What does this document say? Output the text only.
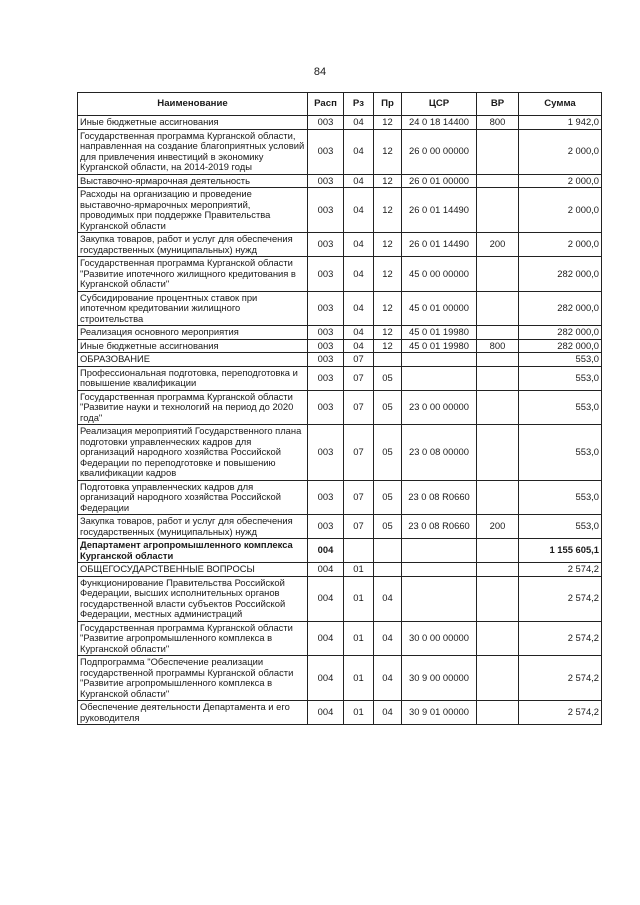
84
Наименование	Расп	Рз	Пр	ЦСР	ВР	Сумма
Иные бюджетные ассигнования	003	04	12	24 0 18 14400	800	1 942,0
Государственная программа Курганской области, направленная на создание благоприятных условий для привлечения инвестиций в экономику Курганской области, на 2014-2019 годы	003	04	12	26 0 00 00000		2 000,0
Выставочно-ярмарочная деятельность	003	04	12	26 0 01 00000		2 000,0
Расходы на организацию и проведение выставочно-ярмарочных мероприятий, проводимых при поддержке Правительства Курганской области	003	04	12	26 0 01 14490		2 000,0
Закупка товаров, работ и услуг для обеспечения государственных (муниципальных) нужд	003	04	12	26 0 01 14490	200	2 000,0
Государственная программа Курганской области "Развитие ипотечного жилищного кредитования в Курганской области"	003	04	12	45 0 00 00000		282 000,0
Субсидирование процентных ставок при ипотечном кредитовании жилищного строительства	003	04	12	45 0 01 00000		282 000,0
Реализация основного мероприятия	003	04	12	45 0 01 19980		282 000,0
Иные бюджетные ассигнования	003	04	12	45 0 01 19980	800	282 000,0
ОБРАЗОВАНИЕ	003	07				553,0
Профессиональная подготовка, переподготовка и повышение квалификации	003	07	05			553,0
Государственная программа Курганской области "Развитие науки и технологий на период до 2020 года"	003	07	05	23 0 00 00000		553,0
Реализация мероприятий Государственного плана подготовки управленческих кадров для организаций народного хозяйства Российской Федерации по переподготовке и повышению квалификации кадров	003	07	05	23 0 08 00000		553,0
Подготовка управленческих кадров для организаций народного хозяйства Российской Федерации	003	07	05	23 0 08 R0660		553,0
Закупка товаров, работ и услуг для обеспечения государственных (муниципальных) нужд	003	07	05	23 0 08 R0660	200	553,0
Департамент агропромышленного комплекса Курганской области	004					1 155 605,1
ОБЩЕГОСУДАРСТВЕННЫЕ ВОПРОСЫ	004	01				2 574,2
Функционирование Правительства Российской Федерации, высших исполнительных органов государственной власти субъектов Российской Федерации, местных администраций	004	01	04			2 574,2
Государственная программа Курганской области "Развитие агропромышленного комплекса в Курганской области"	004	01	04	30 0 00 00000		2 574,2
Подпрограмма "Обеспечение реализации государственной программы Курганской области "Развитие агропромышленного комплекса в Курганской области"	004	01	04	30 9 00 00000		2 574,2
Обеспечение деятельности Департамента и его руководителя	004	01	04	30 9 01 00000		2 574,2
